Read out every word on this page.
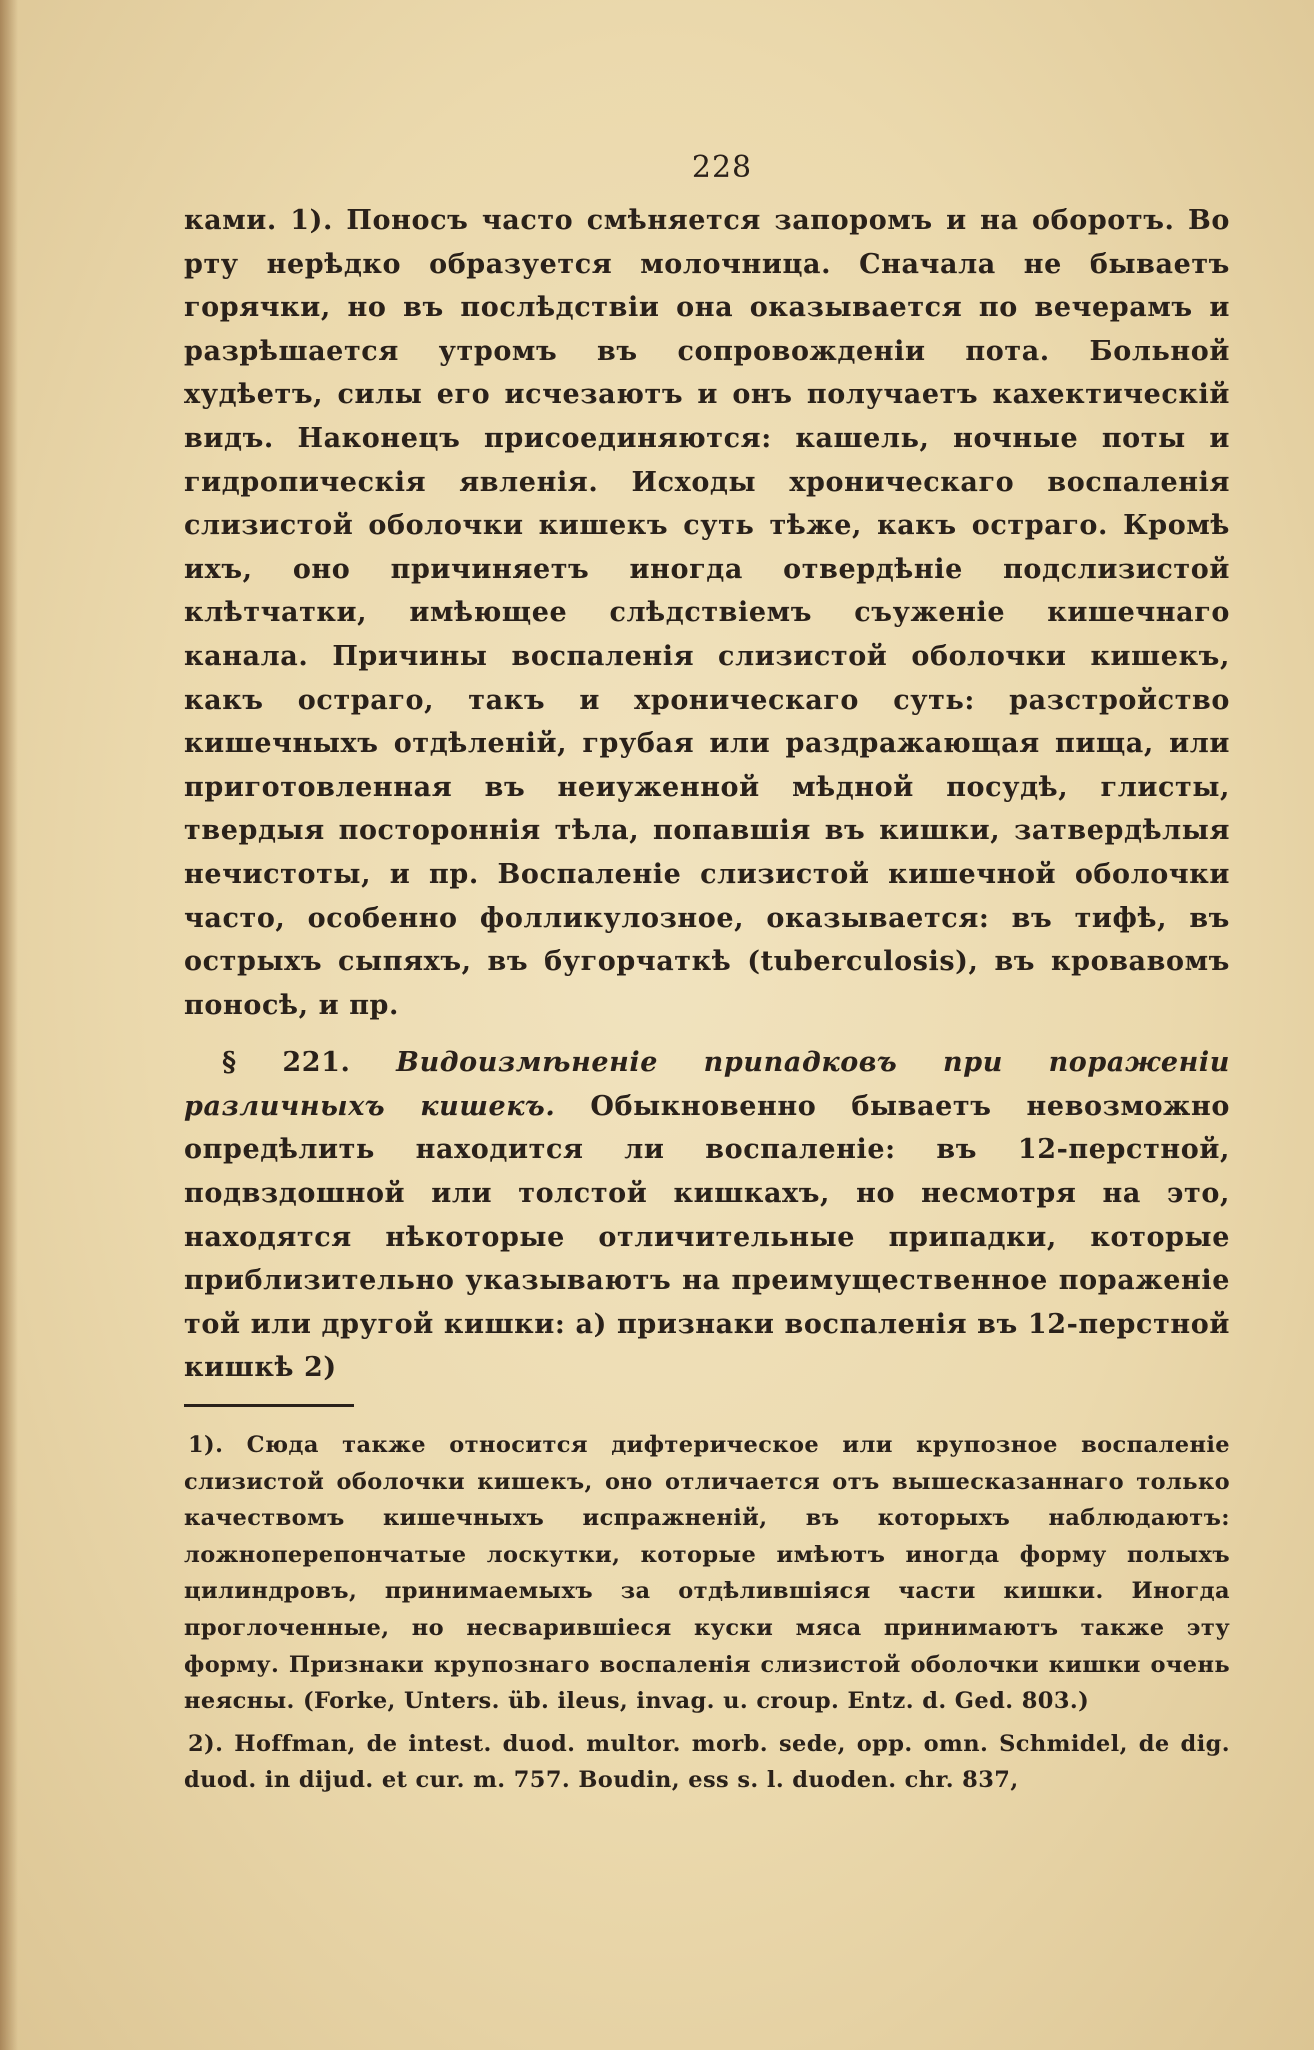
228

ками. 1). Поносъ часто смѣняется запоромъ и на оборотъ. Во рту нерѣдко образуется молочница. Сначала не бываетъ горячки, но въ послѣдствіи она оказывается по вечерамъ и разрѣшается утромъ въ сопровожденіи пота. Больной худѣетъ, силы его исчезаютъ и онъ получаетъ кахектическій видъ. Наконецъ присоединяются: кашель, ночные поты и гидропическія явленія. Исходы хроническаго воспаленія слизистой оболочки кишекъ суть тѣже, какъ остраго. Кромѣ ихъ, оно причиняетъ иногда отвердѣніе подслизистой клѣтчатки, имѣющее слѣдствіемъ съуженіе кишечнаго канала. Причины воспаленія слизистой оболочки кишекъ, какъ остраго, такъ и хроническаго суть: разстройство кишечныхъ отдѣленій, грубая или раздражающая пища, или приготовленная въ неиуженной мѣдной посудѣ, глисты, твердыя постороннія тѣла, попавшія въ кишки, затвердѣлыя нечистоты, и пр. Воспаленіе слизистой кишечной оболочки часто, особенно фолликулозное, оказывается: въ тифѣ, въ острыхъ сыпяхъ, въ бугорчаткѣ (tuberculosis), въ кровавомъ поносѣ, и пр.

§ 221. Видоизмѣненіе припадковъ при пораженіи различныхъ кишекъ. Обыкновенно бываетъ невозможно опредѣлить находится ли воспаленіе: въ 12-перстной, подвздошной или толстой кишкахъ, но несмотря на это, находятся нѣкоторые отличительные припадки, которые приблизительно указываютъ на преимущественное пораженіе той или другой кишки: а) признаки воспаленія въ 12-перстной кишкѣ 2)

1). Сюда также относится дифтерическое или крупозное воспаленіе слизистой оболочки кишекъ, оно отличается отъ вышесказаннаго только качествомъ кишечныхъ испражненій, въ которыхъ наблюдаютъ: ложноперепончатые лоскутки, которые имѣютъ иногда форму полыхъ цилиндровъ, принимаемыхъ за отдѣлившіяся части кишки. Иногда проглоченные, но несварившіеся куски мяса принимаютъ также эту форму. Признаки крупознаго воспаленія слизистой оболочки кишки очень неясны. (Forke, Unters. üb. ileus, invag. u. croup. Entz. d. Ged. 803.)

2). Hoffman, de intest. duod. multor. morb. sede, opp. omn. Schmidel, de dig. duod. in dijud. et cur. m. 757. Boudin, ess s. l. duoden. chr. 837,
